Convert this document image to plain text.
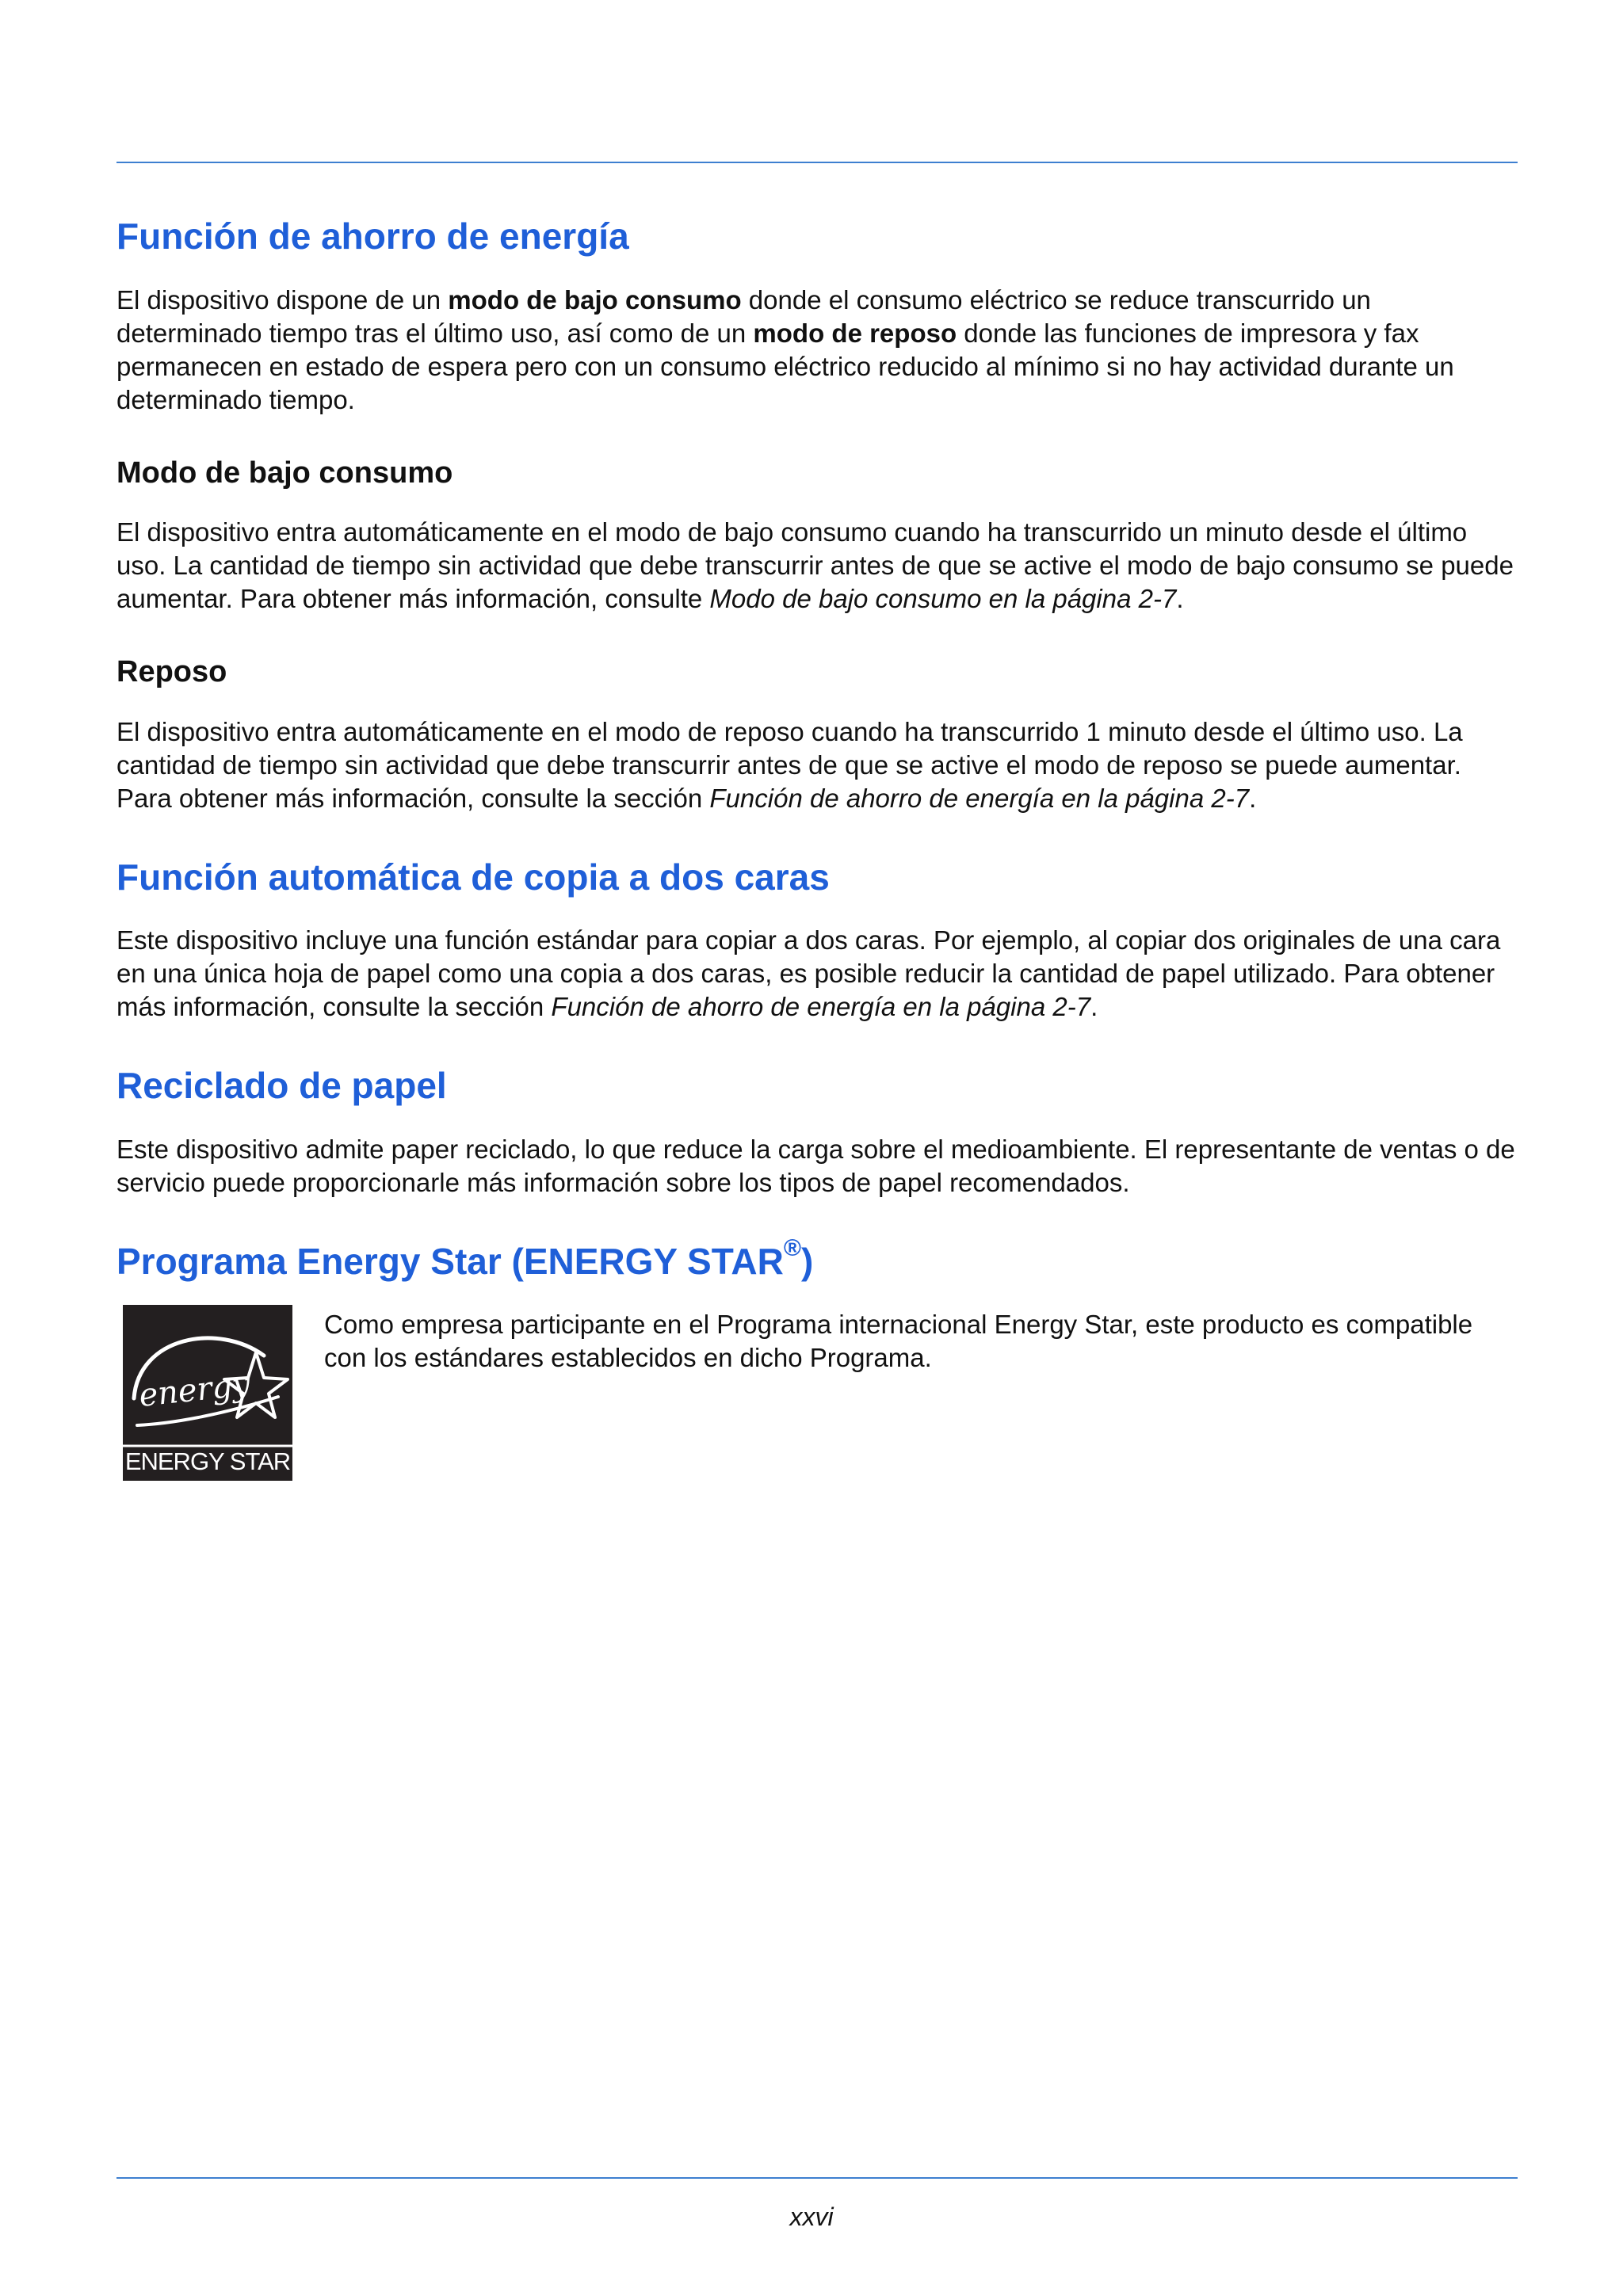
Función de ahorro de energía

El dispositivo dispone de un modo de bajo consumo donde el consumo eléctrico se reduce transcurrido un determinado tiempo tras el último uso, así como de un modo de reposo donde las funciones de impresora y fax permanecen en estado de espera pero con un consumo eléctrico reducido al mínimo si no hay actividad durante un determinado tiempo.

Modo de bajo consumo

El dispositivo entra automáticamente en el modo de bajo consumo cuando ha transcurrido un minuto desde el último uso. La cantidad de tiempo sin actividad que debe transcurrir antes de que se active el modo de bajo consumo se puede aumentar. Para obtener más información, consulte Modo de bajo consumo en la página 2-7.

Reposo

El dispositivo entra automáticamente en el modo de reposo cuando ha transcurrido 1 minuto desde el último uso. La cantidad de tiempo sin actividad que debe transcurrir antes de que se active el modo de reposo se puede aumentar. Para obtener más información, consulte la sección Función de ahorro de energía en la página 2-7.

Función automática de copia a dos caras

Este dispositivo incluye una función estándar para copiar a dos caras. Por ejemplo, al copiar dos originales de una cara en una única hoja de papel como una copia a dos caras, es posible reducir la cantidad de papel utilizado. Para obtener más información, consulte la sección Función de ahorro de energía en la página 2-7.

Reciclado de papel

Este dispositivo admite paper reciclado, lo que reduce la carga sobre el medioambiente. El representante de ventas o de servicio puede proporcionarle más información sobre los tipos de papel recomendados.

Programa Energy Star (ENERGY STAR®)
energy
ENERGY STAR

Como empresa participante en el Programa internacional Energy Star, este producto es compatible con los estándares establecidos en dicho Programa.

xxvi
